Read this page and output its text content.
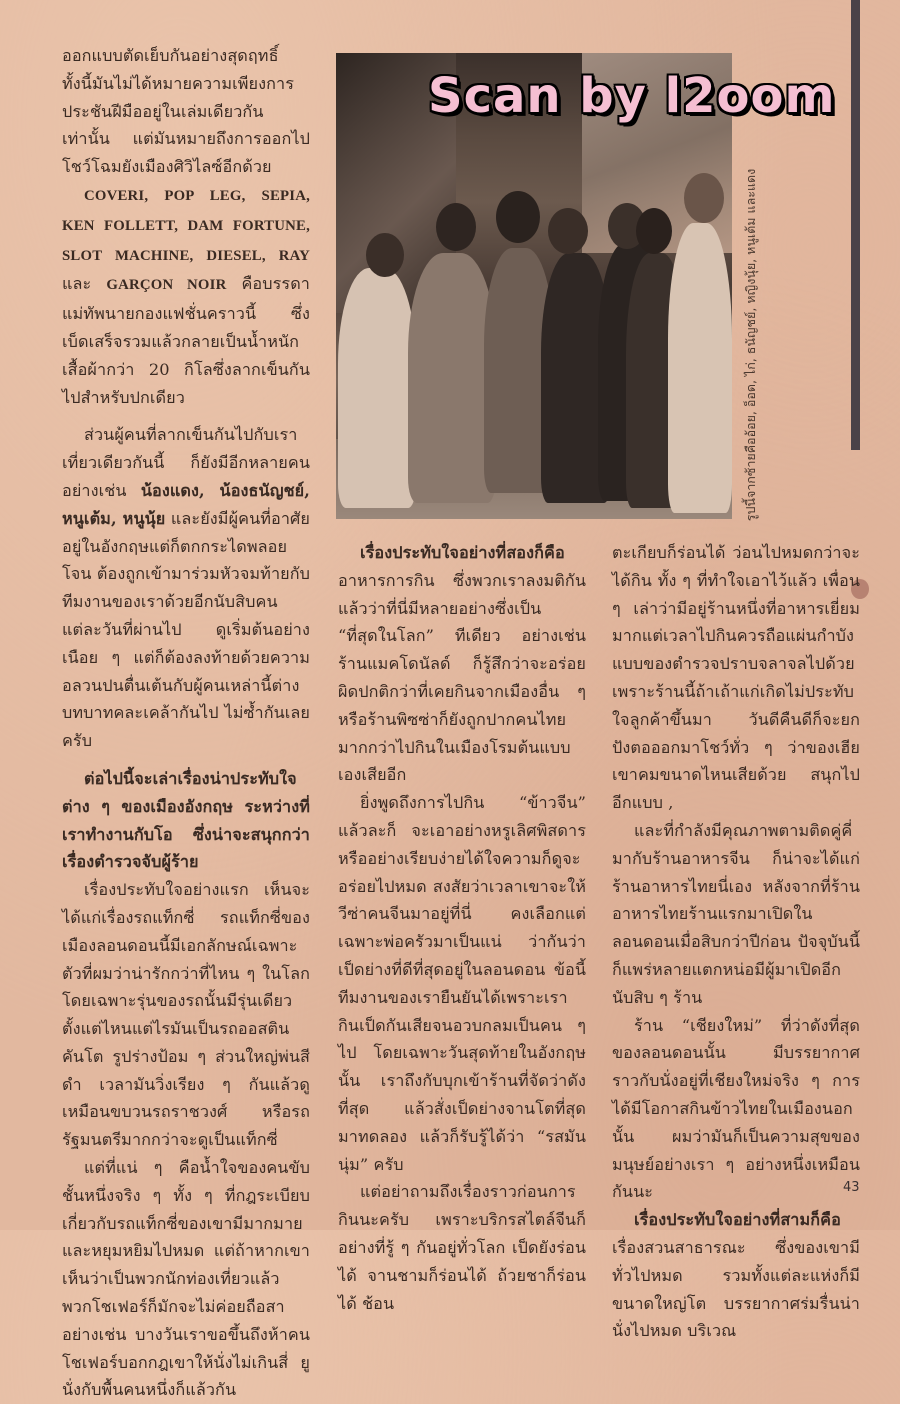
ออกแบบตัดเย็บกันอย่างสุดฤทธิ์ ทั้งนี้มันไม่ได้หมายความเพียงการประชันฝีมืออยู่ในเล่มเดียวกันเท่านั้น แต่มันหมายถึงการออกไปโชว์โฉมยังเมืองศิวิไลซ์อีกด้วย

COVERI, POP LEG, SEPIA, KEN FOLLETT, DAM FORTUNE, SLOT MACHINE, DIESEL, RAY และ GARÇON NOIR คือบรรดาแม่ทัพนายกองแฟชั่นคราวนี้ ซึ่งเบ็ดเสร็จรวมแล้วกลายเป็นน้ำหนักเสื้อผ้ากว่า 20 กิโลซึ่งลากเข็นกันไปสำหรับปกเดียว

ส่วนผู้คนที่ลากเข็นกันไปกับเราเที่ยวเดียวกันนี้ ก็ยังมีอีกหลายคน อย่างเช่น น้องแดง, น้องธนัญชย์, หนูเต้ม, หนูนุ้ย และยังมีผู้คนที่อาศัยอยู่ในอังกฤษแต่ก็ตกกระไดพลอยโจน ต้องถูกเข้ามาร่วมหัวจมท้ายกับทีมงานของเราด้วยอีกนับสิบคน แต่ละวันที่ผ่านไป ดูเริ่มต้นอย่างเนือย ๆ แต่ก็ต้องลงท้ายด้วยความอลวนปนตื่นเต้นกับผู้คนเหล่านี้ต่างบทบาทคละเคล้ากันไป ไม่ซ้ำกันเลยครับ

ต่อไปนี้จะเล่าเรื่องน่าประทับใจต่าง ๆ ของเมืองอังกฤษ ระหว่างที่เราทำงานกับโอ ซึ่งน่าจะสนุกกว่าเรื่องตำรวจจับผู้ร้าย

เรื่องประทับใจอย่างแรก เห็นจะได้แก่เรื่องรถแท็กซี่ รถแท็กซี่ของเมืองลอนดอนนี้มีเอกลักษณ์เฉพาะตัวที่ผมว่าน่ารักกว่าที่ไหน ๆ ในโลก โดยเฉพาะรุ่นของรถนั้นมีรุ่นเดียวตั้งแต่ไหนแต่ไรมันเป็นรถออสตินคันโต รูปร่างป้อม ๆ ส่วนใหญ่พ่นสีดำ เวลามันวิ่งเรียง ๆ กันแล้วดูเหมือนขบวนรถราชวงศ์ หรือรถรัฐมนตรีมากกว่าจะดูเป็นแท็กซี่

แต่ที่แน่ ๆ คือน้ำใจของคนขับชั้นหนึ่งจริง ๆ ทั้ง ๆ ที่กฎระเบียบเกี่ยวกับรถแท็กซี่ของเขามีมากมายและหยุมหยิมไปหมด แต่ถ้าหากเขาเห็นว่าเป็นพวกนักท่องเที่ยวแล้ว พวกโชเฟอร์ก็มักจะไม่ค่อยถือสา อย่างเช่น บางวันเราขอขึ้นถึงห้าคน โชเฟอร์บอกกฎเขาให้นั่งไม่เกินสี่ ยูนั่งกับพื้นคนหนึ่งก็แล้วกัน

Scan by l2oom
รูปนี้จากซ้ายคืออ้อย, อ็อด, ไก่, ธนัญชย์, หญิงนุ้ย, หนูเต้ม และแดง

เรื่องประทับใจอย่างที่สองก็คือ อาหารการกิน ซึ่งพวกเราลงมติกันแล้วว่าที่นี่มีหลายอย่างซึ่งเป็น “ที่สุดในโลก” ทีเดียว อย่างเช่น ร้านแมคโดนัลด์ ก็รู้สึกว่าจะอร่อยผิดปกติกว่าที่เคยกินจากเมืองอื่น ๆ หรือร้านพิซซ่าก็ยังถูกปากคนไทยมากกว่าไปกินในเมืองโรมต้นแบบเองเสียอีก

ยิ่งพูดถึงการไปกิน “ข้าวจีน” แล้วละก็ จะเอาอย่างหรูเลิศพิสดาร หรืออย่างเรียบง่ายได้ใจความก็ดูจะอร่อยไปหมด สงสัยว่าเวลาเขาจะให้วีซ่าคนจีนมาอยู่ที่นี่ คงเลือกแต่เฉพาะพ่อครัวมาเป็นแน่ ว่ากันว่าเป็ดย่างที่ดีที่สุดอยู่ในลอนดอน ข้อนี้ทีมงานของเรายืนยันได้เพราะเรากินเป็ดกันเสียจนอวบกลมเป็นคน ๆ ไป โดยเฉพาะวันสุดท้ายในอังกฤษนั้น เราถึงกับบุกเข้าร้านที่จัดว่าดังที่สุด แล้วสั่งเป็ดย่างจานโตที่สุดมาทดลอง แล้วก็รับรู้ได้ว่า “รสมันนุ่ม” ครับ

แต่อย่าถามถึงเรื่องราวก่อนการกินนะครับ เพราะบริกรสไตล์จีนก็อย่างที่รู้ ๆ กันอยู่ทั่วโลก เป็ดยังร่อนได้ จานชามก็ร่อนได้ ถ้วยชาก็ร่อนได้ ช้อน

ตะเกียบก็ร่อนได้ ว่อนไปหมดกว่าจะได้กิน ทั้ง ๆ ที่ทำใจเอาไว้แล้ว เพื่อน ๆ เล่าว่ามีอยู่ร้านหนึ่งที่อาหารเยี่ยมมากแต่เวลาไปกินควรถือแผ่นกำบังแบบของตำรวจปราบจลาจลไปด้วย เพราะร้านนี้ถ้าเถ้าแก่เกิดไม่ประทับใจลูกค้าขึ้นมา วันดีคืนดีก็จะยกปังตอออกมาโชว์ทั่ว ๆ ว่าของเฮียเขาคมขนาดไหนเสียด้วย สนุกไปอีกแบบ ,

และที่กำลังมีคุณภาพตามติดคู่คี่มากับร้านอาหารจีน ก็น่าจะได้แก่ร้านอาหารไทยนี่เอง หลังจากที่ร้านอาหารไทยร้านแรกมาเปิดในลอนดอนเมื่อสิบกว่าปีก่อน ปัจจุบันนี้ก็แพร่หลายแตกหน่อมีผู้มาเปิดอีกนับสิบ ๆ ร้าน

ร้าน “เชียงใหม่” ที่ว่าดังที่สุดของลอนดอนนั้น มีบรรยากาศราวกับนั่งอยู่ที่เชียงใหม่จริง ๆ การได้มีโอกาสกินข้าวไทยในเมืองนอกนั้น ผมว่ามันก็เป็นความสุขของมนุษย์อย่างเรา ๆ อย่างหนึ่งเหมือนกันนะ

เรื่องประทับใจอย่างที่สามก็คือ เรื่องสวนสาธารณะ ซึ่งของเขามีทั่วไปหมด รวมทั้งแต่ละแห่งก็มีขนาดใหญ่โต บรรยากาศร่มรื่นน่านั่งไปหมด บริเวณ

43
